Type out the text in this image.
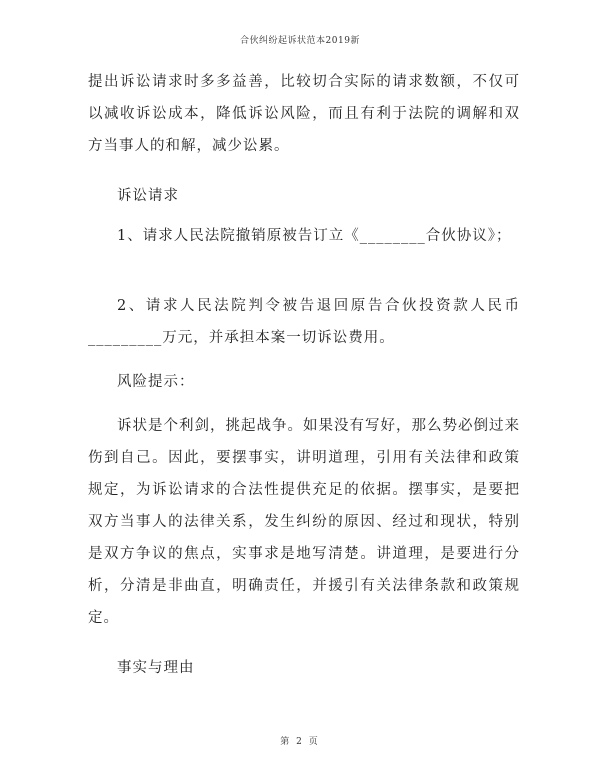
合伙纠纷起诉状范本2019新

提出诉讼请求时多多益善，比较切合实际的请求数额，不仅可以减收诉讼成本，降低诉讼风险，而且有利于法院的调解和双方当事人的和解，减少讼累。

诉讼请求

1、请求人民法院撤销原被告订立《________合伙协议》；

2、请求人民法院判令被告退回原告合伙投资款人民币_________万元，并承担本案一切诉讼费用。

风险提示：

诉状是个利剑，挑起战争。如果没有写好，那么势必倒过来伤到自己。因此，要摆事实，讲明道理，引用有关法律和政策规定，为诉讼请求的合法性提供充足的依据。摆事实，是要把双方当事人的法律关系，发生纠纷的原因、经过和现状，特别是双方争议的焦点，实事求是地写清楚。讲道理，是要进行分析，分清是非曲直，明确责任，并援引有关法律条款和政策规定。

事实与理由

第 2 页
